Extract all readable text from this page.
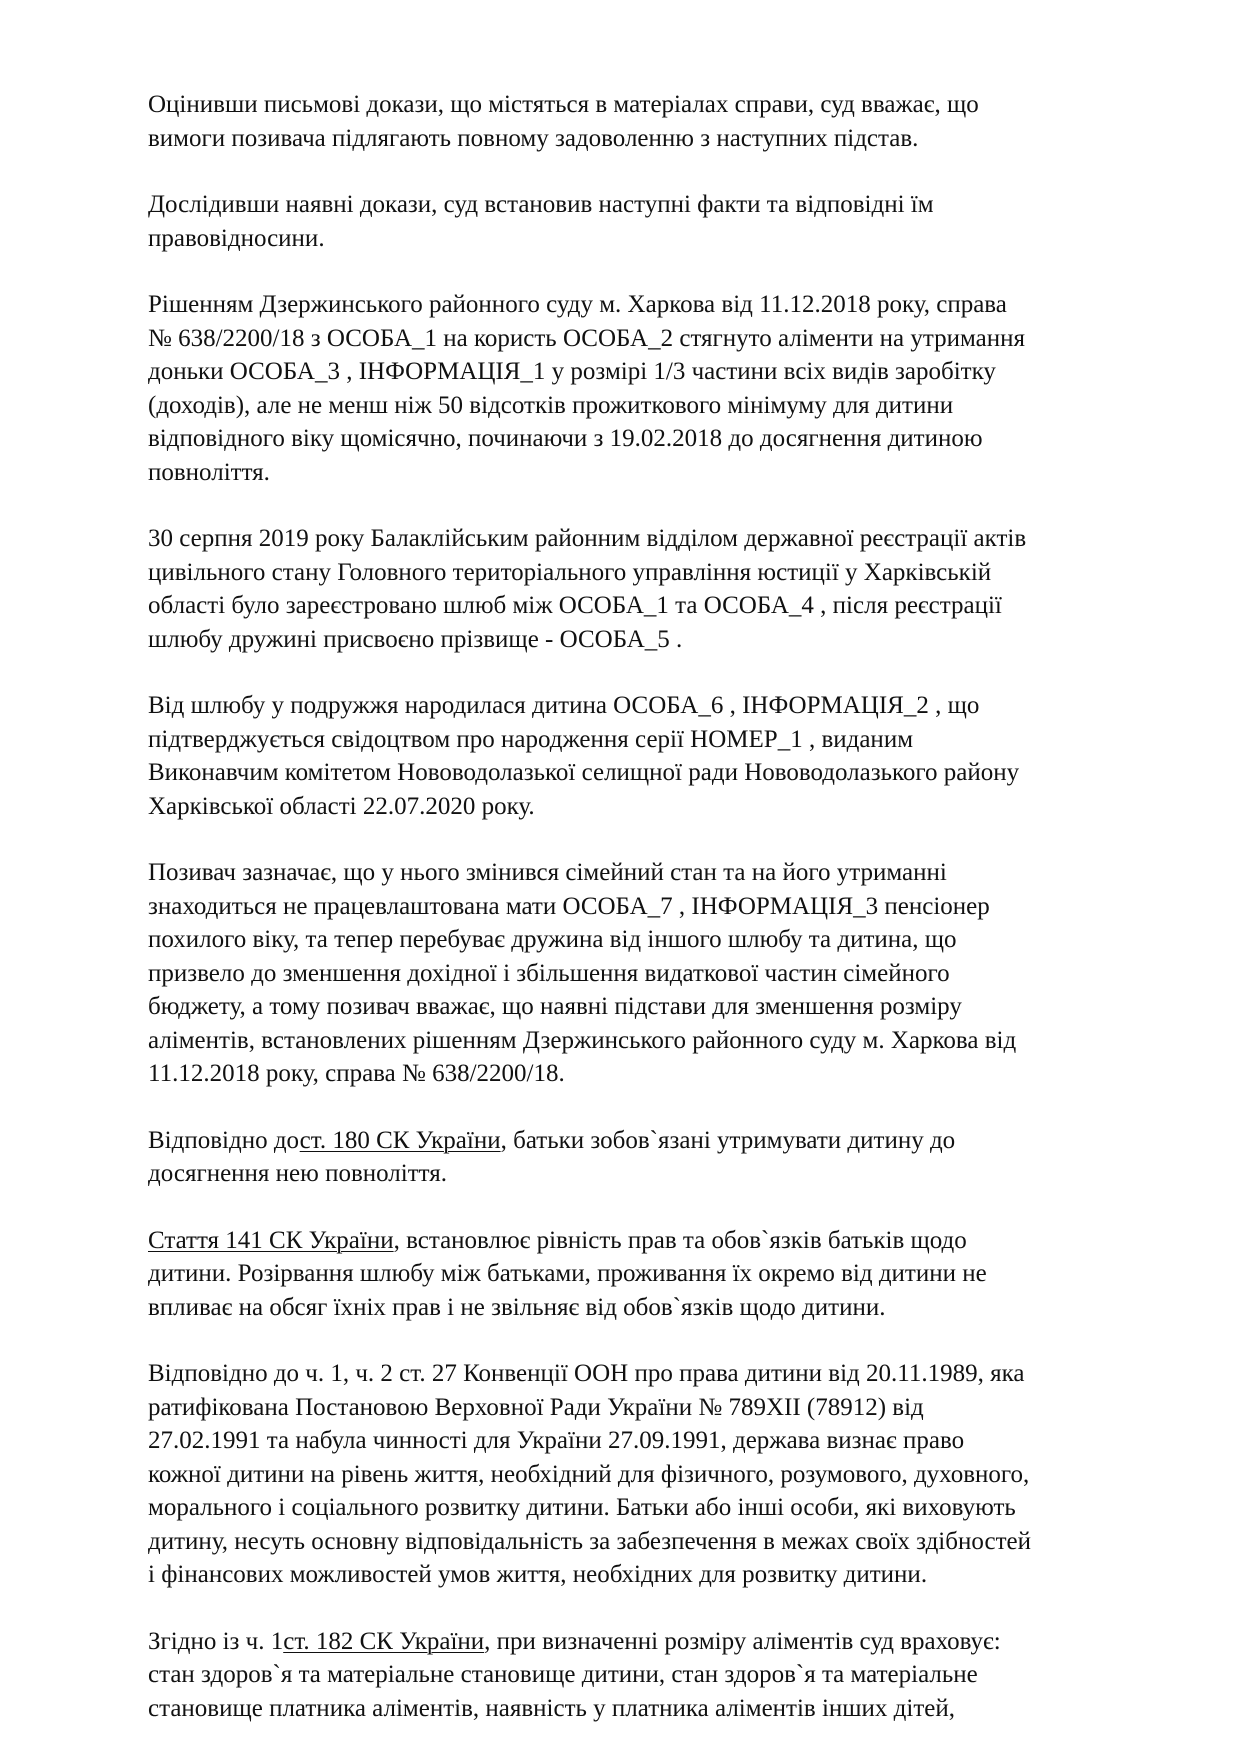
Оцінивши письмові докази, що містяться в матеріалах справи, суд вважає, що
вимоги позивача підлягають повному задоволенню з наступних підстав.

Дослідивши наявні докази, суд встановив наступні факти та відповідні їм
правовідносини.

Рішенням Дзержинського районного суду м. Харкова від 11.12.2018 року, справа
№ 638/2200/18 з ОСОБА_1 на користь ОСОБА_2 стягнуто аліменти на утримання
доньки ОСОБА_3 , ІНФОРМАЦІЯ_1 у розмірі 1/3 частини всіх видів заробітку
(доходів), але не менш ніж 50 відсотків прожиткового мінімуму для дитини
відповідного віку щомісячно, починаючи з 19.02.2018 до досягнення дитиною
повноліття.

30 серпня 2019 року Балаклійським районним відділом державної реєстрації актів
цивільного стану Головного територіального управління юстиції у Харківській
області було зареєстровано шлюб між ОСОБА_1 та ОСОБА_4 , після реєстрації
шлюбу дружині присвоєно прізвище - ОСОБА_5 .

Від шлюбу у подружжя народилася дитина ОСОБА_6 , ІНФОРМАЦІЯ_2 , що
підтверджується свідоцтвом про народження серії НОМЕР_1 , виданим
Виконавчим комітетом Нововодолазької селищної ради Нововодолазького району
Харківської області 22.07.2020 року.

Позивач зазначає, що у нього змінився сімейний стан та на його утриманні
знаходиться не працевлаштована мати ОСОБА_7 , ІНФОРМАЦІЯ_3 пенсіонер
похилого віку, та тепер перебуває дружина від іншого шлюбу та дитина, що
призвело до зменшення дохідної і збільшення видаткової частин сімейного
бюджету, а тому позивач вважає, що наявні підстави для зменшення розміру
аліментів, встановлених рішенням Дзержинського районного суду м. Харкова від
11.12.2018 року, справа № 638/2200/18.

Відповідно дост. 180 СК України, батьки зобов`язані утримувати дитину до
досягнення нею повноліття.

Стаття 141 СК України, встановлює рівність прав та обов`язків батьків щодо
дитини. Розірвання шлюбу між батьками, проживання їх окремо від дитини не
впливає на обсяг їхніх прав і не звільняє від обов`язків щодо дитини.

Відповідно до ч. 1, ч. 2 ст. 27 Конвенції ООН про права дитини від 20.11.1989, яка
ратифікована Постановою Верховної Ради України № 789XII (78912) від
27.02.1991 та набула чинності для України 27.09.1991, держава визнає право
кожної дитини на рівень життя, необхідний для фізичного, розумового, духовного,
морального і соціального розвитку дитини. Батьки або інші особи, які виховують
дитину, несуть основну відповідальність за забезпечення в межах своїх здібностей
і фінансових можливостей умов життя, необхідних для розвитку дитини.

Згідно із ч. 1ст. 182 СК України, при визначенні розміру аліментів суд враховує:
стан здоров`я та матеріальне становище дитини, стан здоров`я та матеріальне
становище платника аліментів, наявність у платника аліментів інших дітей,
